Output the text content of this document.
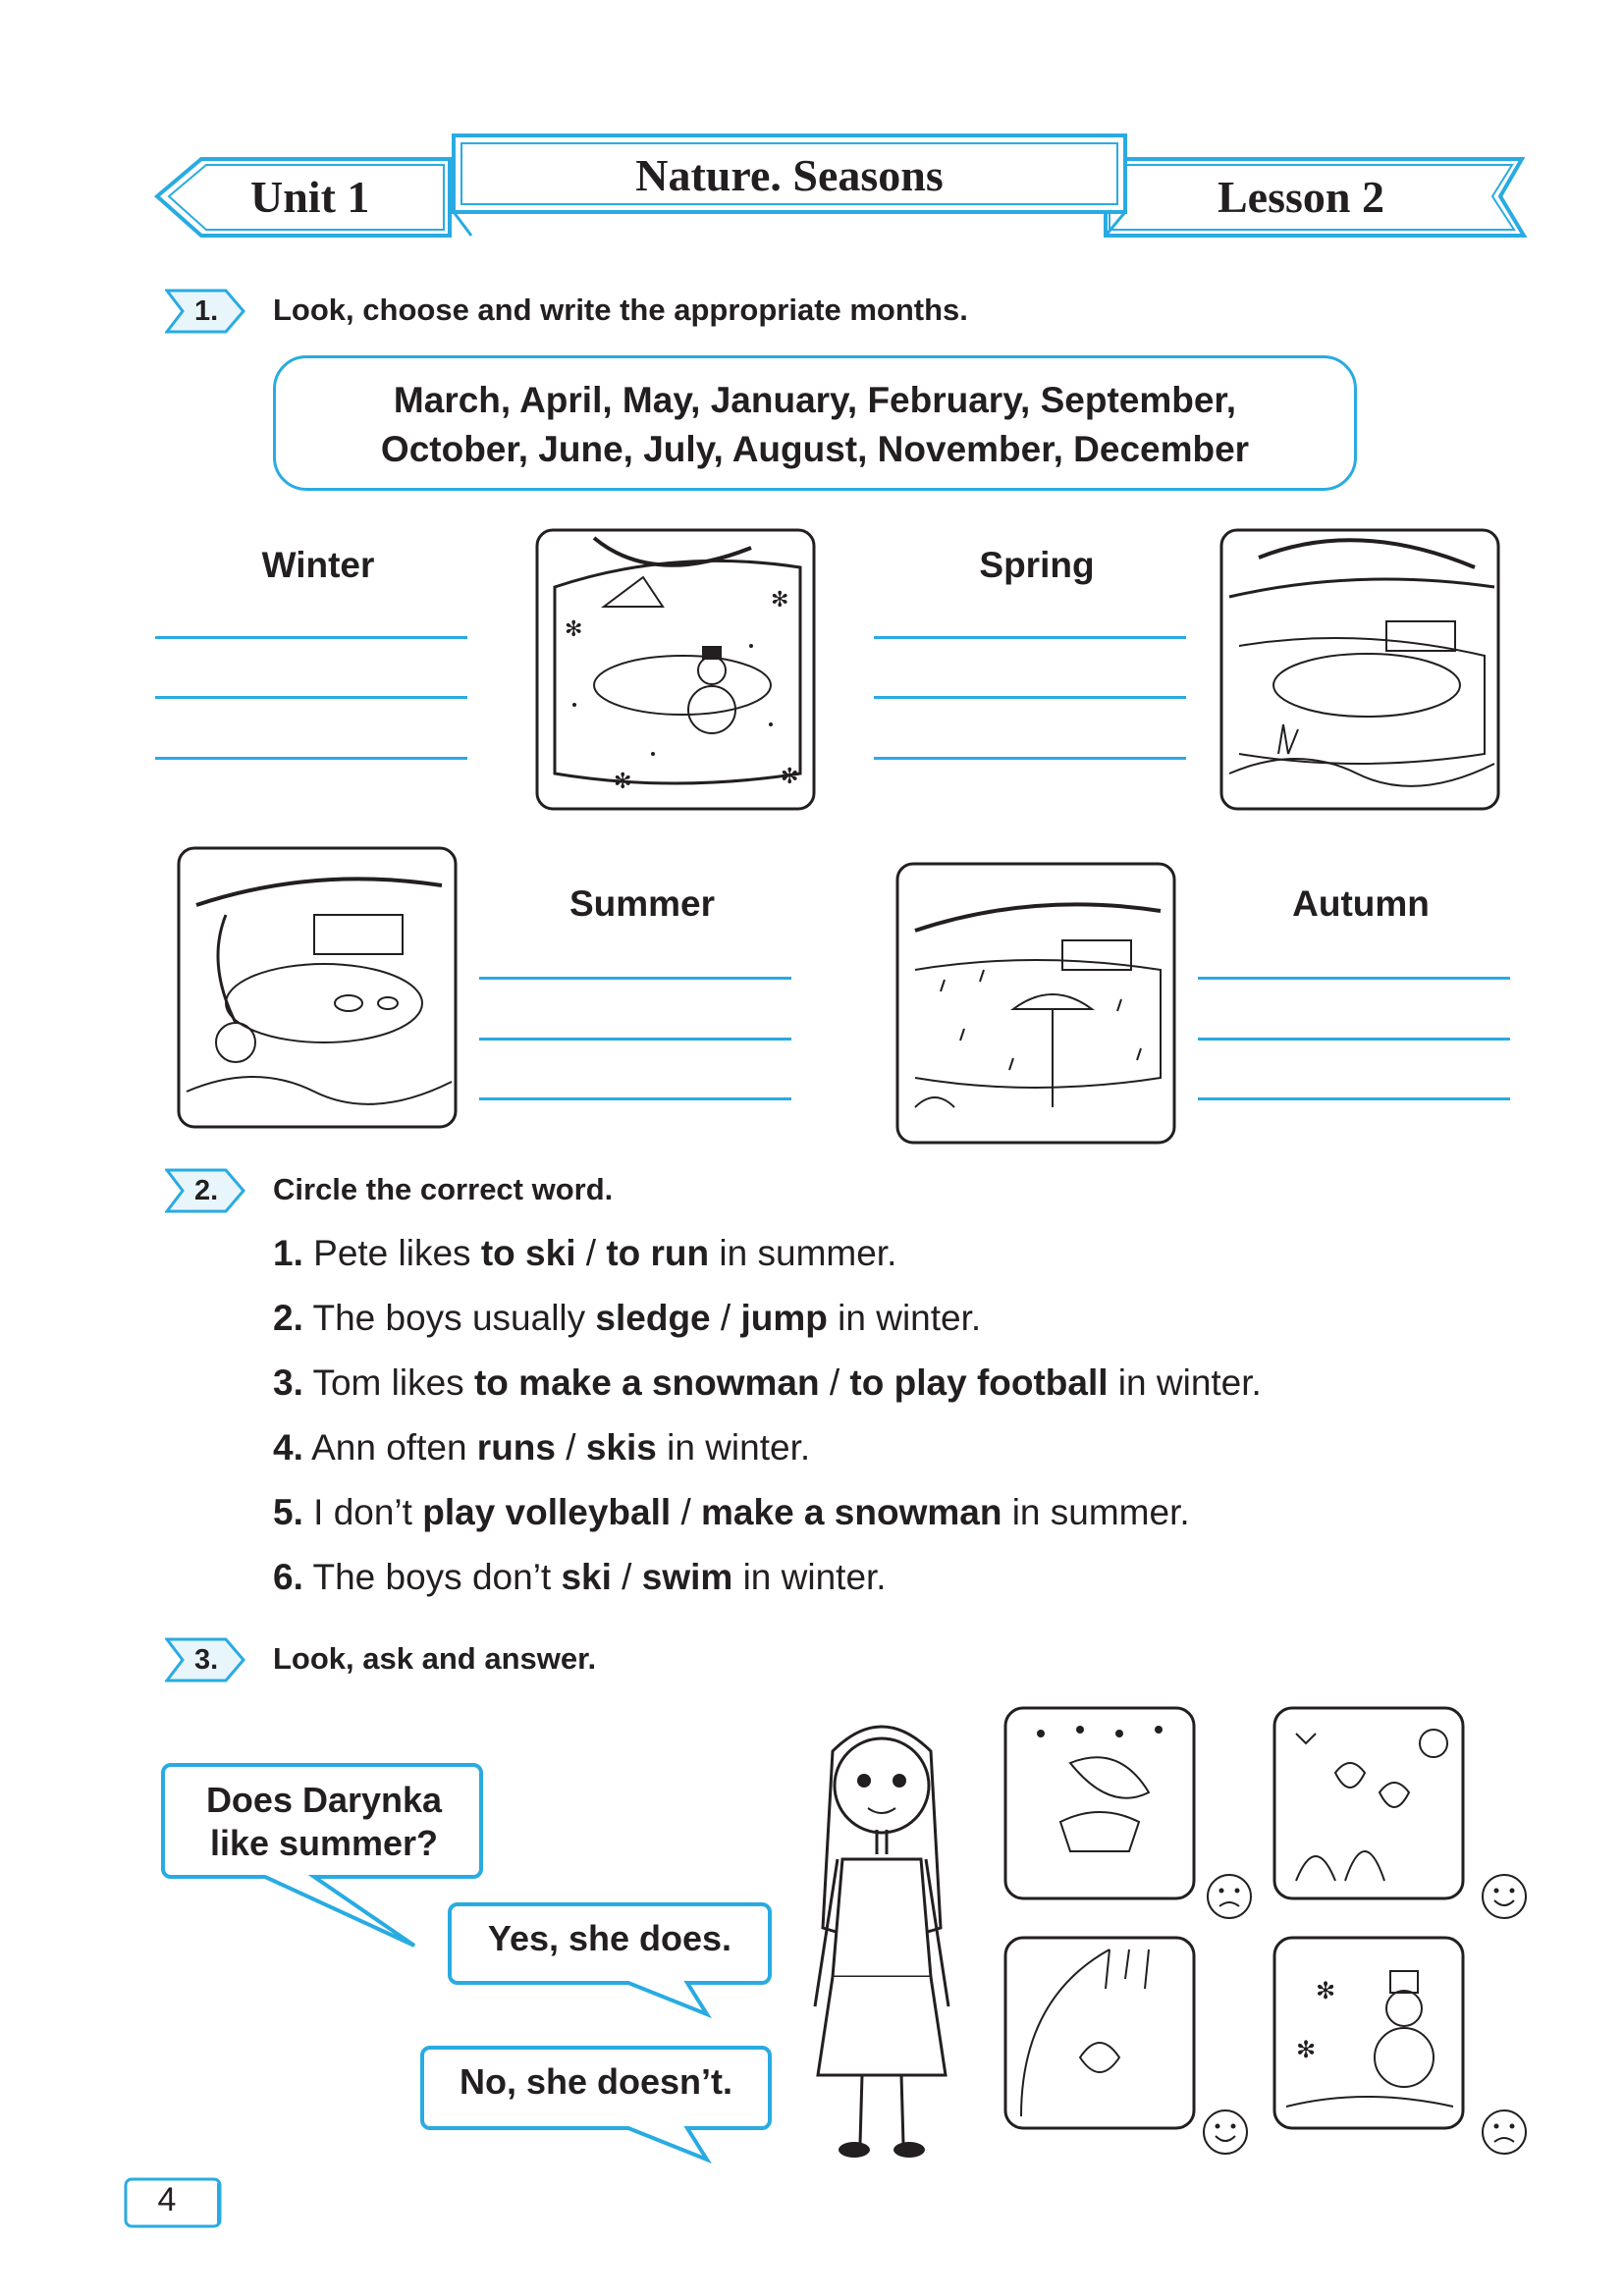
Unit 1	Nature. Seasons	Lesson 2
1. Look, choose and write the appropriate months.
March, April, May, January, February, September,
October, June, July, August, November, December
Winter
✻
✻
✻
✻
Spring
Summer	Autumn
2. Circle the correct word.
1. Pete likes to ski / to run in summer.
2. The boys usually sledge / jump in winter.
3. Tom likes to make a snowman / to play football in winter.
4. Ann often runs / skis in winter.
5. I don’t play volleyball / make a snowman in summer.
6. The boys don’t ski / swim in winter.
3. Look, ask and answer.
Does Darynka
like summer?
Yes, she does.
No, she doesn’t.
✻
✻
4
